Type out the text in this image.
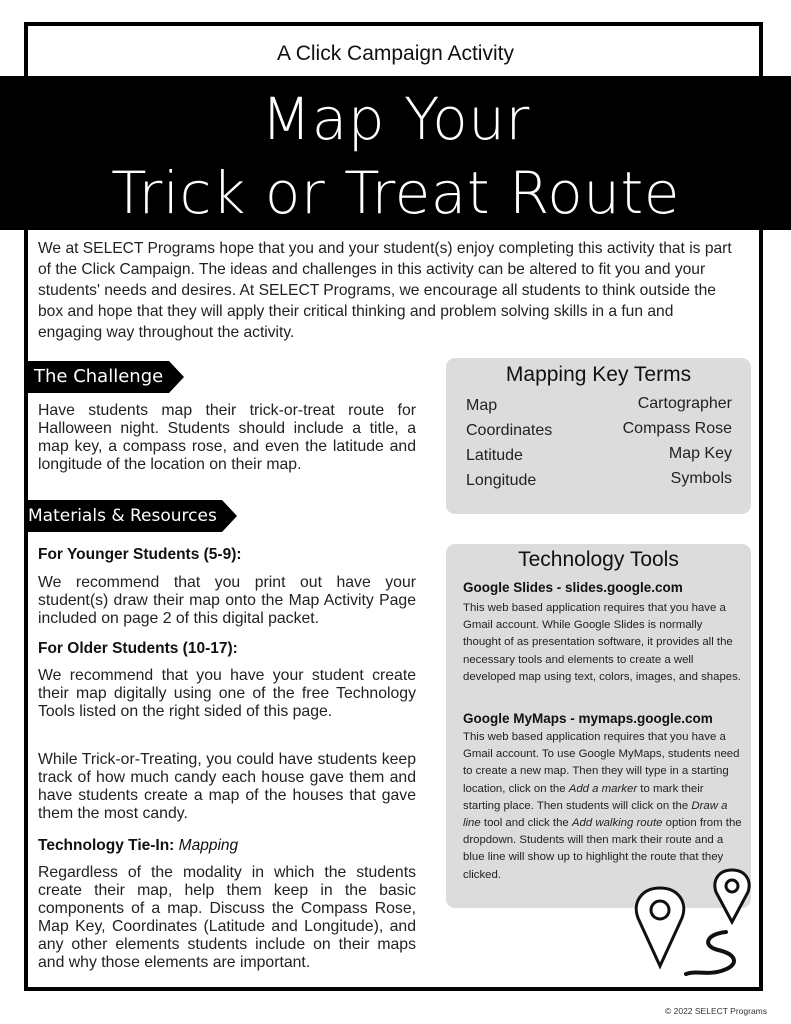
A Click Campaign Activity
Map Your
Trick or Treat Route
We at SELECT Programs hope that you and your student(s) enjoy completing this activity that is part of the Click Campaign. The ideas and challenges in this activity can be altered to fit you and your students' needs and desires. At SELECT Programs, we encourage all students to think outside the box and hope that they will apply their critical thinking and problem solving skills in a fun and engaging way throughout the activity.
The Challenge
Have students map their trick-or-treat route for Halloween night. Students should include a title, a map key, a compass rose, and even the latitude and longitude of the location on their map.
Materials & Resources
For Younger Students (5-9):
We recommend that you print out have your student(s) draw their map onto the Map Activity Page included on page 2 of this digital packet.
For Older Students (10-17):
We recommend that you have your student create their map digitally using one of the free Technology Tools listed on the right sided of this page.
While Trick-or-Treating, you could have students keep track of how much candy each house gave them and have students create a map of the houses that gave them the most candy.
Technology Tie-In: Mapping
Regardless of the modality in which the students create their map, help them keep in the basic components of a map. Discuss the Compass Rose, Map Key, Coordinates (Latitude and Longitude), and any other elements students include on their maps and why those elements are important.
Mapping Key Terms
Map
Coordinates
Latitude
Longitude
Cartographer
Compass Rose
Map Key
Symbols
Technology Tools
Google Slides - slides.google.com
This web based application requires that you have a Gmail account. While Google Slides is normally thought of as presentation software, it provides all the necessary tools and elements to create a well developed map using text, colors, images, and shapes.
Google MyMaps - mymaps.google.com
This web based application requires that you have a Gmail account. To use Google MyMaps, students need to create a new map. Then they will type in a starting location, click on the Add a marker to mark their starting place. Then students will click on the Draw a line tool and click the Add walking route option from the dropdown. Students will then mark their route and a blue line will show up to highlight the route that they clicked.
© 2022 SELECT Programs
